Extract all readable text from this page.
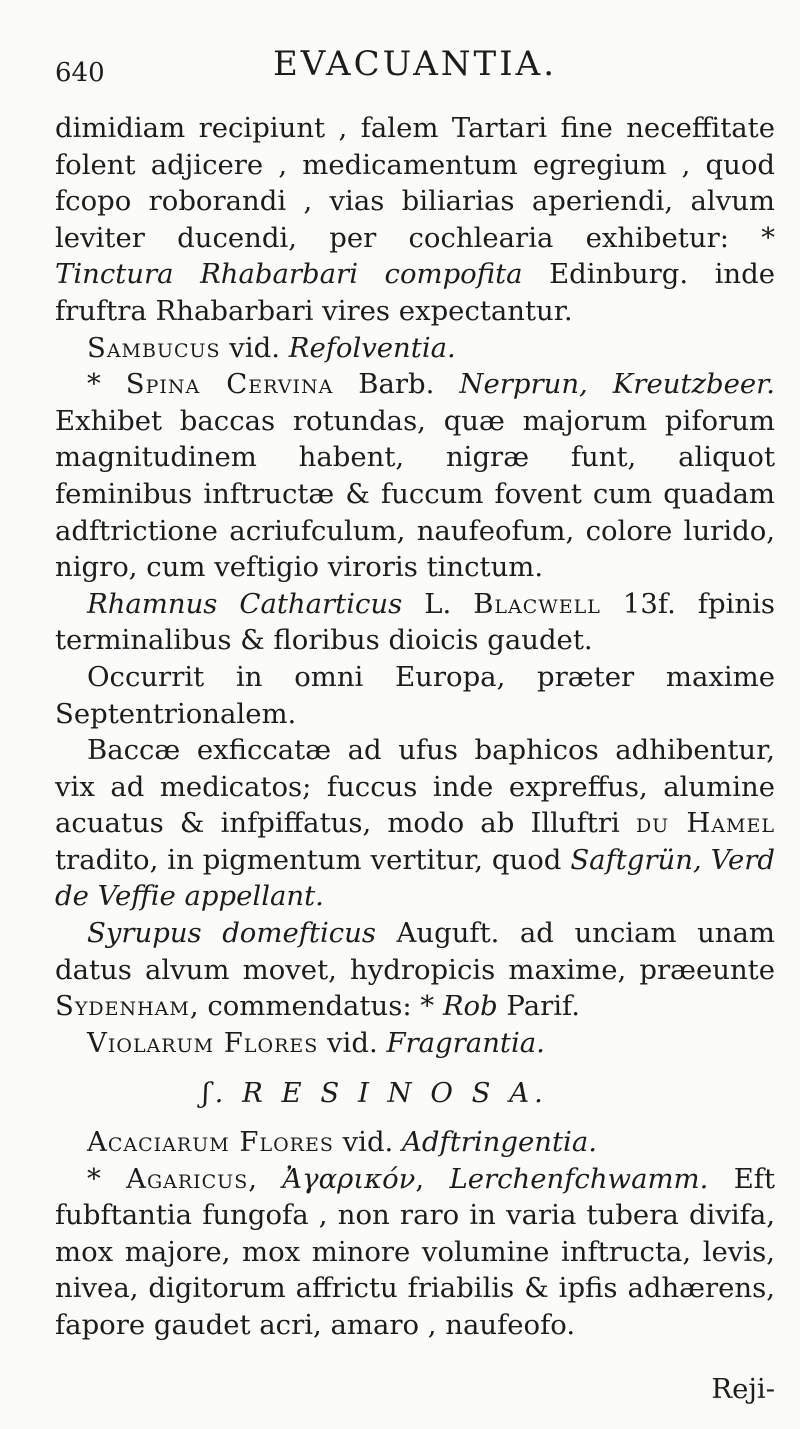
640	EVACUANTIA.

dimidiam recipiunt , falem Tartari fine neceffitate folent adjicere , medicamentum egregium , quod fcopo roborandi , vias biliarias aperiendi, alvum leviter ducendi, per cochlearia exhibetur: * Tinctura Rhabarbari compofita Edinburg. inde fruftra Rhabarbari vires expectantur.

Sambucus vid. Refolventia.

* Spina Cervina Barb. Nerprun, Kreutzbeer. Exhibet baccas rotundas, quæ majorum piforum magnitudinem habent, nigræ funt, aliquot feminibus inftructæ & fuccum fovent cum quadam adftrictione acriufculum, naufeofum, colore lurido, nigro, cum veftigio viroris tinctum.

Rhamnus Catharticus L. Blacwell 13f. fpinis terminalibus & floribus dioicis gaudet.

Occurrit in omni Europa, præter maxime Septentrionalem.

Baccæ exficcatæ ad ufus baphicos adhibentur, vix ad medicatos; fuccus inde expreffus, alumine acuatus & infpiffatus, modo ab Illuftri du Hamel tradito, in pigmentum vertitur, quod Saftgrün, Verd de Veffie appellant.

Syrupus domefticus Auguft. ad unciam unam datus alvum movet, hydropicis maxime, præeunte Sydenham, commendatus: * Rob Parif.

Violarum Flores vid. Fragrantia.

ʃ. R E S I N O S A.

Acaciarum Flores vid. Adftringentia.

* Agaricus, Ἀγαρικόν, Lerchenfchwamm. Eft fubftantia fungofa , non raro in varia tubera divifa, mox majore, mox minore volumine inftructa, levis, nivea, digitorum affrictu friabilis & ipfis adhærens, fapore gaudet acri, amaro , naufeofo.

Reji-
